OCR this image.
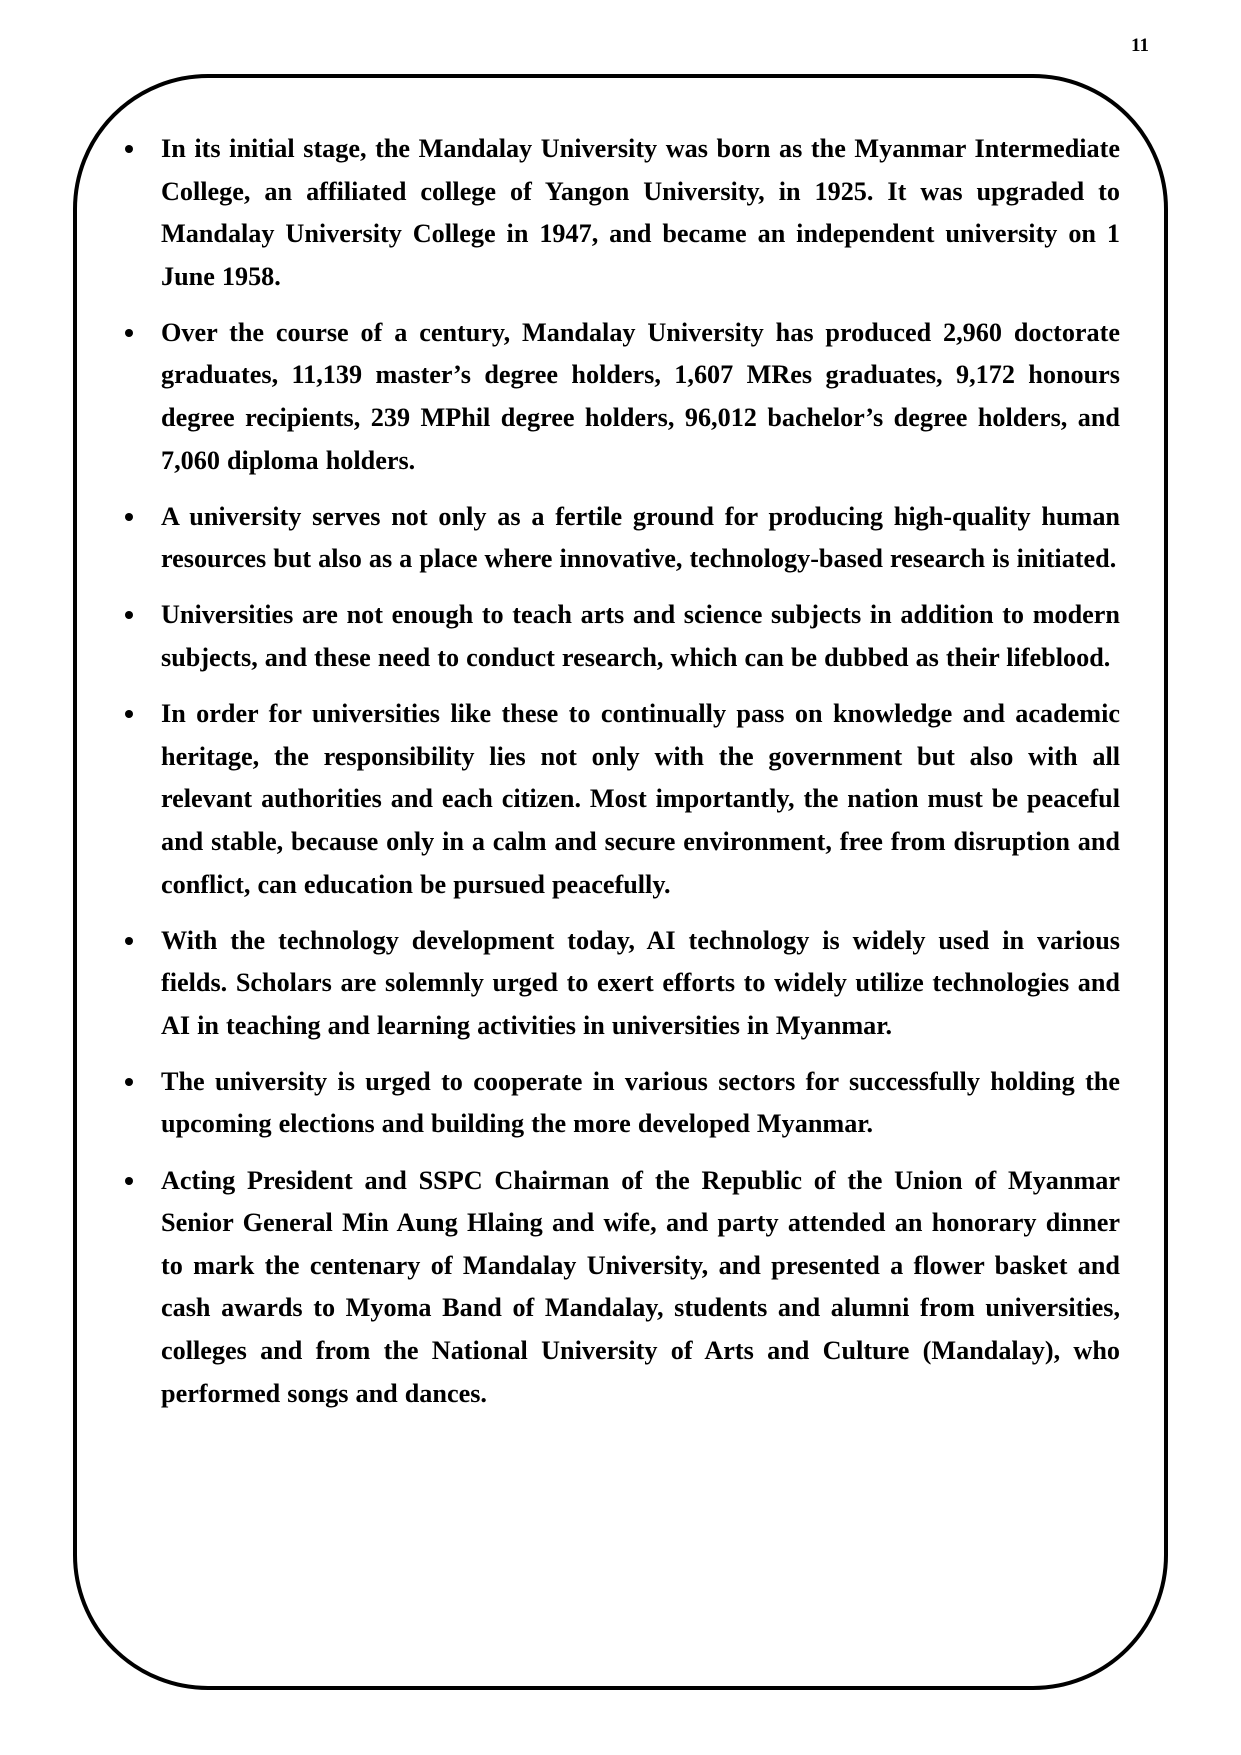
11
In its initial stage, the Mandalay University was born as the Myanmar Intermediate College, an affiliated college of Yangon University, in 1925. It was upgraded to Mandalay University College in 1947, and became an independent university on 1 June 1958.
Over the course of a century, Mandalay University has produced 2,960 doctorate graduates, 11,139 master’s degree holders, 1,607 MRes graduates, 9,172 honours degree recipients, 239 MPhil degree holders, 96,012 bachelor’s degree holders, and 7,060 diploma holders.
A university serves not only as a fertile ground for producing high-quality human resources but also as a place where innovative, technology-based research is initiated.
Universities are not enough to teach arts and science subjects in addition to modern subjects, and these need to conduct research, which can be dubbed as their lifeblood.
In order for universities like these to continually pass on knowledge and academic heritage, the responsibility lies not only with the government but also with all relevant authorities and each citizen. Most importantly, the nation must be peaceful and stable, because only in a calm and secure environment, free from disruption and conflict, can education be pursued peacefully.
With the technology development today, AI technology is widely used in various fields. Scholars are solemnly urged to exert efforts to widely utilize technologies and AI in teaching and learning activities in universities in Myanmar.
The university is urged to cooperate in various sectors for successfully holding the upcoming elections and building the more developed Myanmar.
Acting President and SSPC Chairman of the Republic of the Union of Myanmar Senior General Min Aung Hlaing and wife, and party attended an honorary dinner to mark the centenary of Mandalay University, and presented a flower basket and cash awards to Myoma Band of Mandalay, students and alumni from universities, colleges and from the National University of Arts and Culture (Mandalay), who performed songs and dances.
